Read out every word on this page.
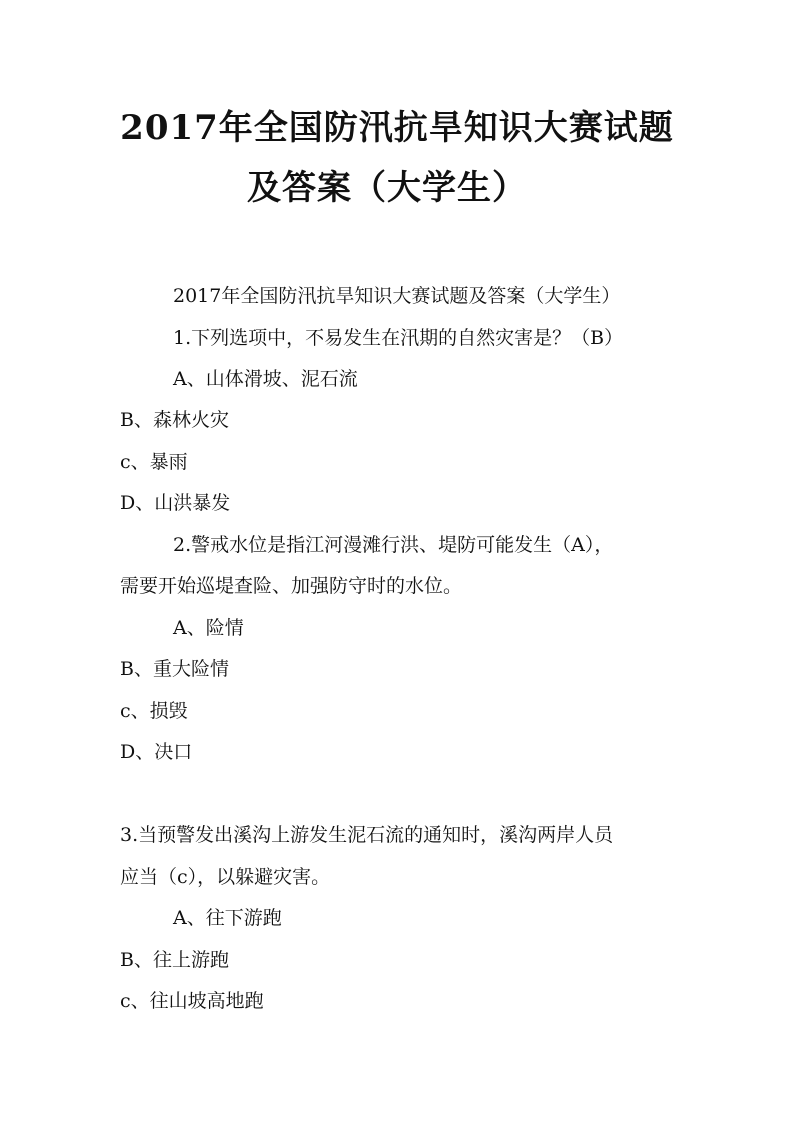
2017年全国防汛抗旱知识大赛试题
及答案（大学生）

2017年全国防汛抗旱知识大赛试题及答案（大学生）

1.下列选项中，不易发生在汛期的自然灾害是？（B）

A、山体滑坡、泥石流

B、森林火灾

c、暴雨

D、山洪暴发

2.警戒水位是指江河漫滩行洪、堤防可能发生（A），

需要开始巡堤查险、加强防守时的水位。

A、险情

B、重大险情

c、损毁

D、决口

3.当预警发出溪沟上游发生泥石流的通知时，溪沟两岸人员

应当（c），以躲避灾害。

A、往下游跑

B、往上游跑

c、往山坡高地跑
